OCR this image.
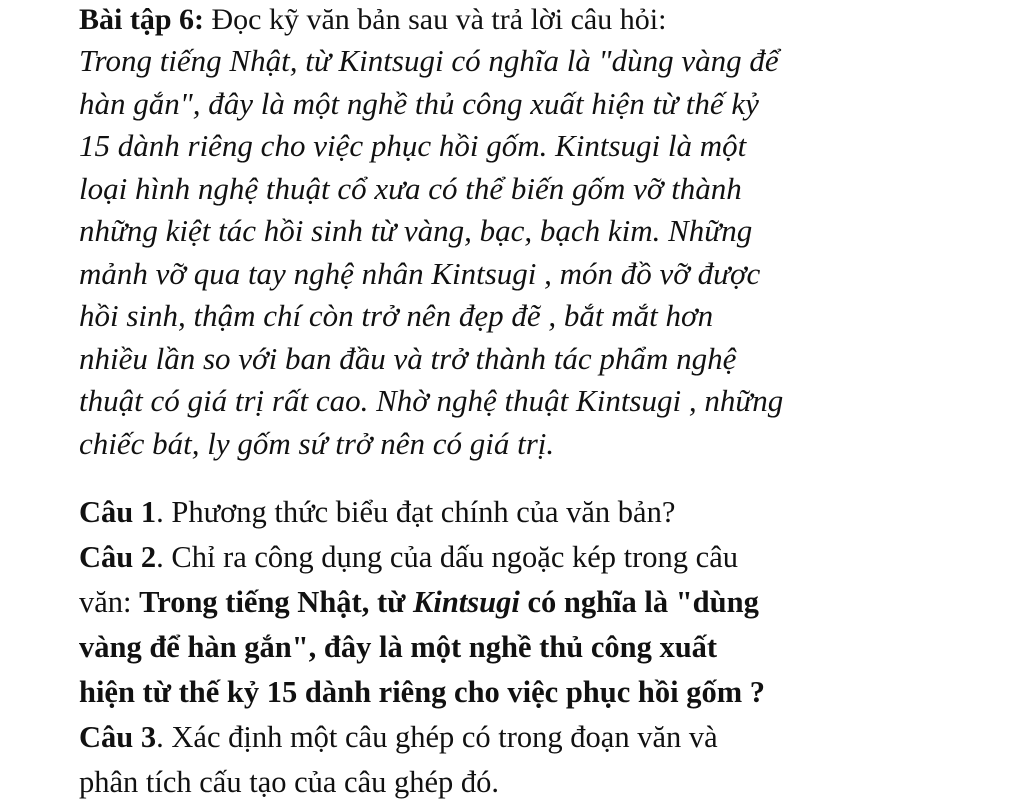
Bài tập 6: Đọc kỹ văn bản sau và trả lời câu hỏi:
Trong tiếng Nhật, từ Kintsugi có nghĩa là "dùng vàng để
hàn gắn", đây là một nghề thủ công xuất hiện từ thế kỷ
15 dành riêng cho việc phục hồi gốm. Kintsugi là một
loại hình nghệ thuật cổ xưa có thể biến gốm vỡ thành
những kiệt tác hồi sinh từ vàng, bạc, bạch kim. Những
mảnh vỡ qua tay nghệ nhân Kintsugi , món đồ vỡ được
hồi sinh, thậm chí còn trở nên đẹp đẽ , bắt mắt hơn
nhiều lần so với ban đầu và trở thành tác phẩm nghệ
thuật có giá trị rất cao. Nhờ nghệ thuật Kintsugi , những
chiếc bát, ly gốm sứ trở nên có giá trị.
Câu 1. Phương thức biểu đạt chính của văn bản?
Câu 2. Chỉ ra công dụng của dấu ngoặc kép trong câu
văn: Trong tiếng Nhật, từ Kintsugi có nghĩa là "dùng
vàng để hàn gắn", đây là một nghề thủ công xuất
hiện từ thế kỷ 15 dành riêng cho việc phục hồi gốm ?
Câu 3. Xác định một câu ghép có trong đoạn văn và
phân tích cấu tạo của câu ghép đó.
